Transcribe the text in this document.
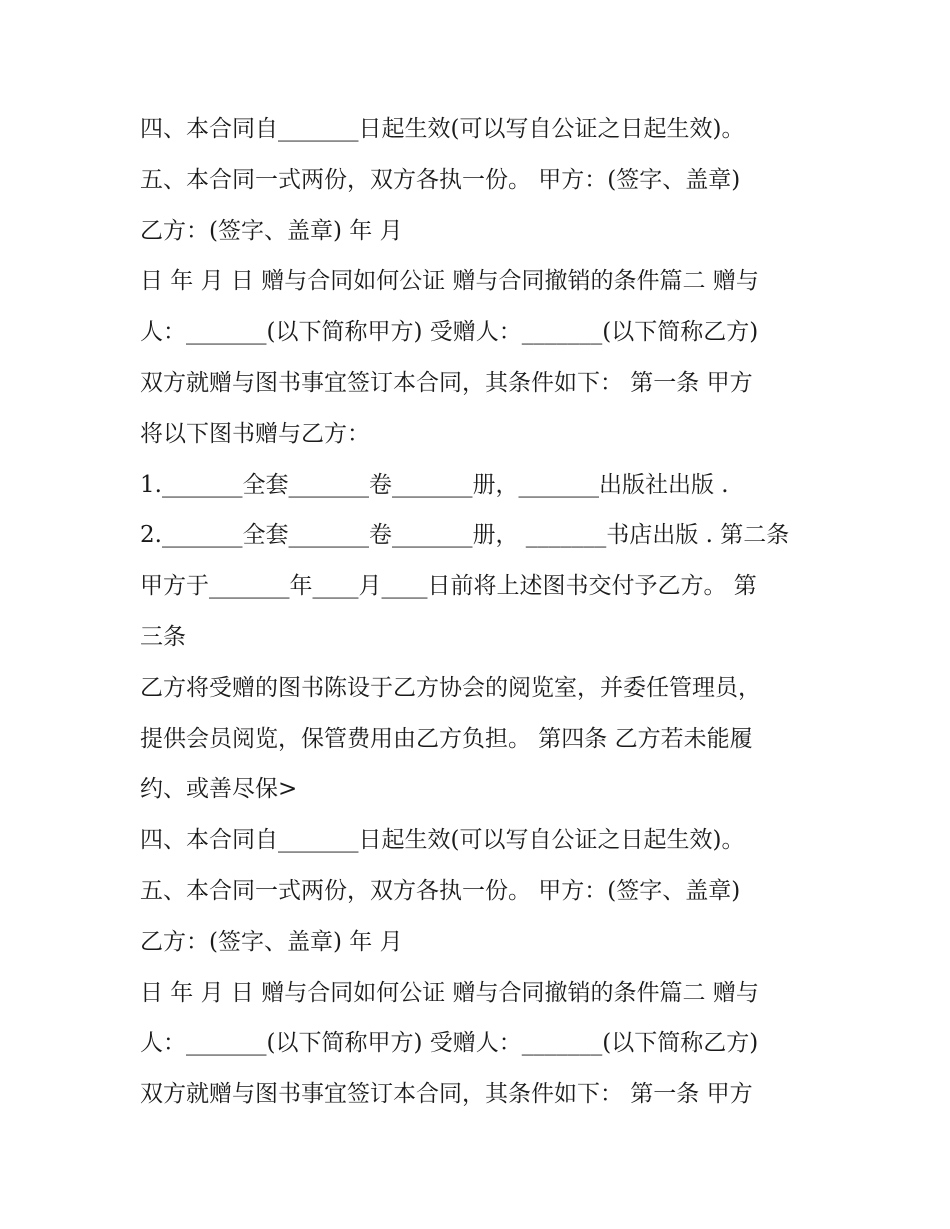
四、本合同自_______日起生效(可以写自公证之日起生效)。
五、本合同一式两份，双方各执一份。 甲方：(签字、盖章)
乙方：(签字、盖章) 年 月
日 年 月 日 赠与合同如何公证 赠与合同撤销的条件篇二 赠与
人：_______(以下简称甲方) 受赠人：_______(以下简称乙方)
双方就赠与图书事宜签订本合同，其条件如下： 第一条 甲方
将以下图书赠与乙方：
1._______全套_______卷_______册，_______出版社出版 .
2._______全套_______卷_______册， _______书店出版 . 第二条
甲方于_______年____月____日前将上述图书交付予乙方。 第
三条
乙方将受赠的图书陈设于乙方协会的阅览室，并委任管理员，
提供会员阅览，保管费用由乙方负担。 第四条 乙方若未能履
约、或善尽保>
四、本合同自_______日起生效(可以写自公证之日起生效)。
五、本合同一式两份，双方各执一份。 甲方：(签字、盖章)
乙方：(签字、盖章) 年 月
日 年 月 日 赠与合同如何公证 赠与合同撤销的条件篇二 赠与
人：_______(以下简称甲方) 受赠人：_______(以下简称乙方)
双方就赠与图书事宜签订本合同，其条件如下： 第一条 甲方
